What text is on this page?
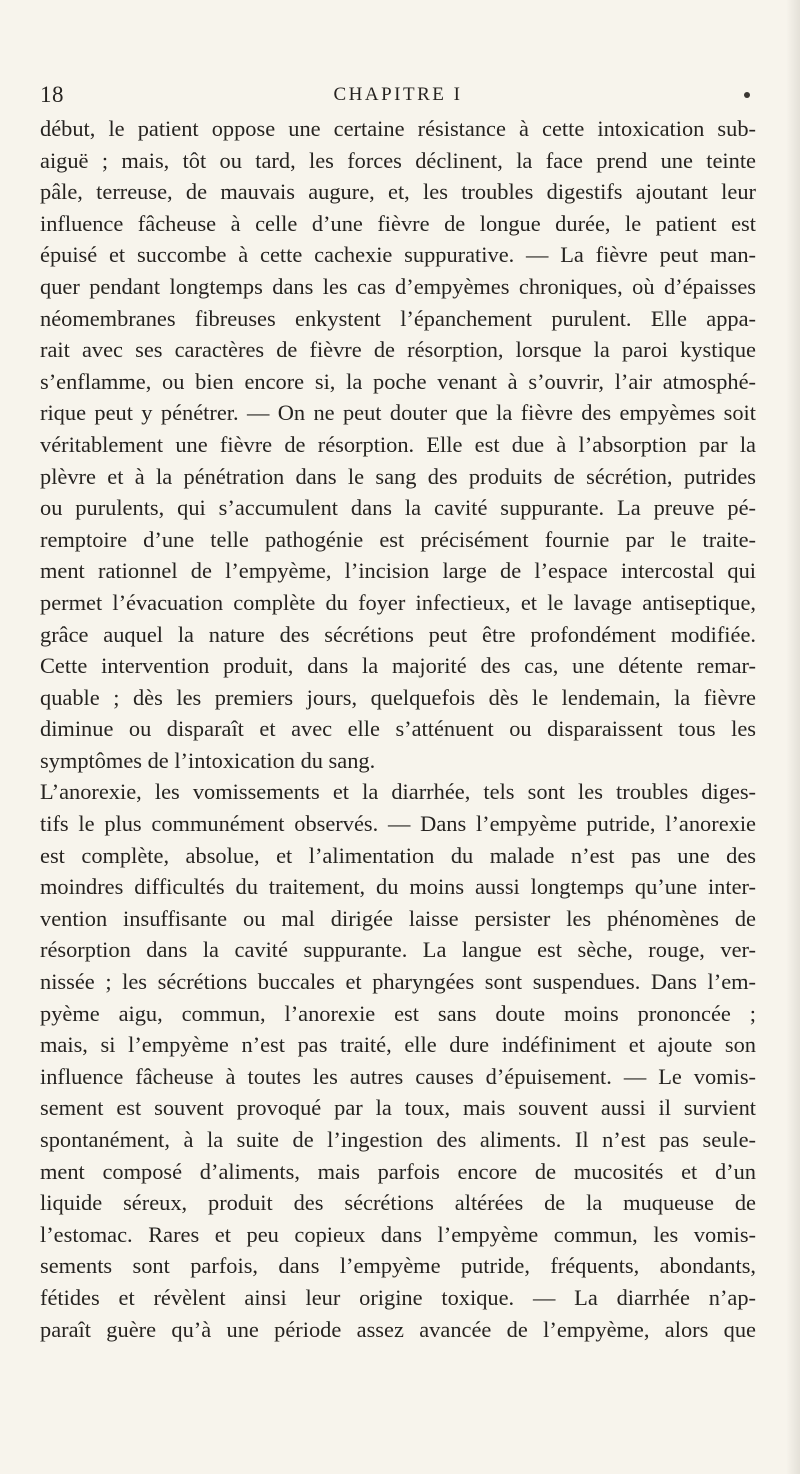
18	CHAPITRE I
début, le patient oppose une certaine résistance à cette intoxication sub-
aiguë ; mais, tôt ou tard, les forces déclinent, la face prend une teinte
pâle, terreuse, de mauvais augure, et, les troubles digestifs ajoutant leur
influence fâcheuse à celle d’une fièvre de longue durée, le patient est
épuisé et succombe à cette cachexie suppurative. — La fièvre peut man-
quer pendant longtemps dans les cas d’empyèmes chroniques, où d’épaisses
néomembranes fibreuses enkystent l’épanchement purulent. Elle appa-
rait avec ses caractères de fièvre de résorption, lorsque la paroi kystique
s’enflamme, ou bien encore si, la poche venant à s’ouvrir, l’air atmosphé-
rique peut y pénétrer. — On ne peut douter que la fièvre des empyèmes soit
véritablement une fièvre de résorption. Elle est due à l’absorption par la
plèvre et à la pénétration dans le sang des produits de sécrétion, putrides
ou purulents, qui s’accumulent dans la cavité suppurante. La preuve pé-
remptoire d’une telle pathogénie est précisément fournie par le traite-
ment rationnel de l’empyème, l’incision large de l’espace intercostal qui
permet l’évacuation complète du foyer infectieux, et le lavage antiseptique,
grâce auquel la nature des sécrétions peut être profondément modifiée.
Cette intervention produit, dans la majorité des cas, une détente remar-
quable ; dès les premiers jours, quelquefois dès le lendemain, la fièvre
diminue ou disparaît et avec elle s’atténuent ou disparaissent tous les
symptômes de l’intoxication du sang.
L’anorexie, les vomissements et la diarrhée, tels sont les troubles diges-
tifs le plus communément observés. — Dans l’empyème putride, l’anorexie
est complète, absolue, et l’alimentation du malade n’est pas une des
moindres difficultés du traitement, du moins aussi longtemps qu’une inter-
vention insuffisante ou mal dirigée laisse persister les phénomènes de
résorption dans la cavité suppurante. La langue est sèche, rouge, ver-
nissée ; les sécrétions buccales et pharyngées sont suspendues. Dans l’em-
pyème aigu, commun, l’anorexie est sans doute moins prononcée ;
mais, si l’empyème n’est pas traité, elle dure indéfiniment et ajoute son
influence fâcheuse à toutes les autres causes d’épuisement. — Le vomis-
sement est souvent provoqué par la toux, mais souvent aussi il survient
spontanément, à la suite de l’ingestion des aliments. Il n’est pas seule-
ment composé d’aliments, mais parfois encore de mucosités et d’un
liquide séreux, produit des sécrétions altérées de la muqueuse de
l’estomac. Rares et peu copieux dans l’empyème commun, les vomis-
sements sont parfois, dans l’empyème putride, fréquents, abondants,
fétides et révèlent ainsi leur origine toxique. — La diarrhée n’ap-
paraît guère qu’à une période assez avancée de l’empyème, alors que
